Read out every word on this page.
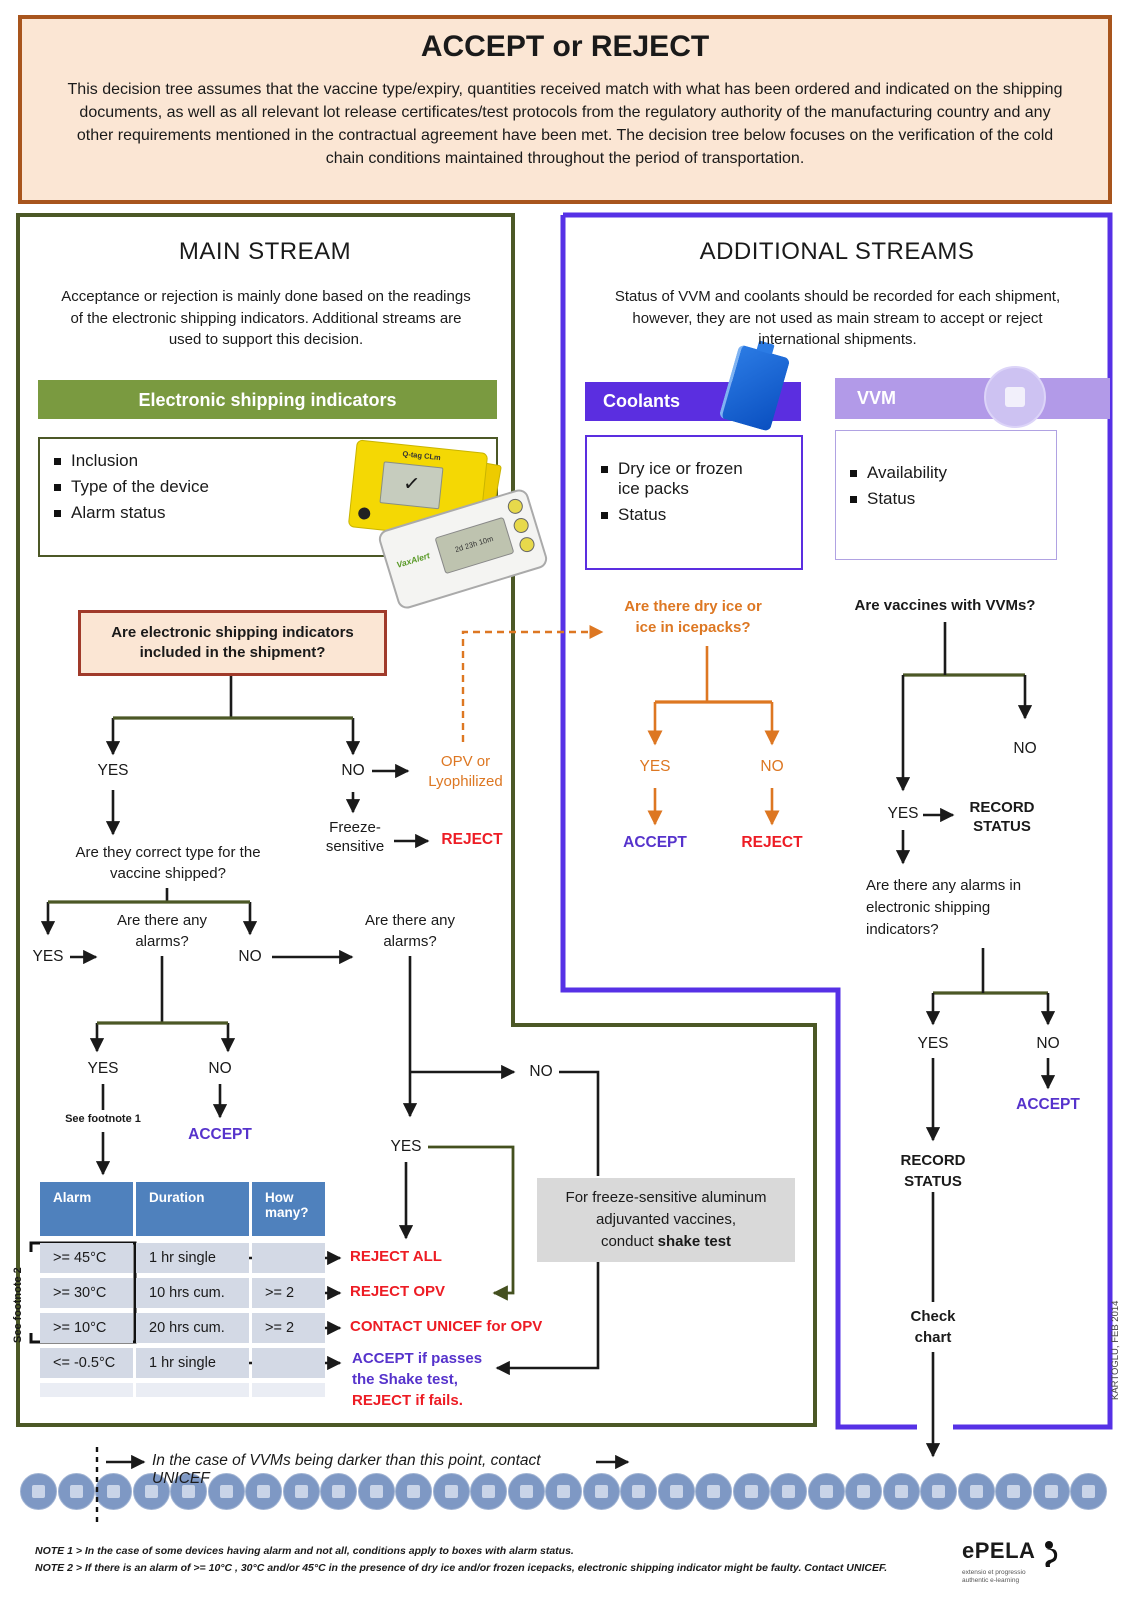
ACCEPT or REJECT
This decision tree assumes that the vaccine type/expiry, quantities received match with what has been ordered and indicated on the shipping documents, as well as all relevant lot release certificates/test protocols from the regulatory authority of the manufacturing country and any other requirements mentioned in the contractual agreement have been met. The decision tree below focuses on the verification of the cold chain conditions maintained throughout the period of transportation.
MAIN STREAM
Acceptance or rejection is mainly done based on the readings of the electronic shipping indicators. Additional streams are used to support this decision.
Electronic shipping indicators
Inclusion
Type of the device
Alarm status
Q-tag CLm
✓
VaxAlert
2d 23h 10m
Are electronic shipping indicators included in the shipment?
YES	NO
OPV or Lyophilized
Freeze-sensitive	REJECT
Are they correct type for the vaccine shipped?
YES	NO
Are there any alarms?
Are there any alarms?
YES	NO
See footnote 1
ACCEPT
NO
YES
For freeze-sensitive aluminum
adjuvanted vaccines,
conduct shake test
Alarm	Duration	How many?
>= 45°C	1 hr single
>= 30°C	10 hrs cum.	>= 2
>= 10°C	20 hrs cum.	>= 2
<= -0.5°C	1 hr single
See footnote 2
REJECT ALL
REJECT OPV
CONTACT UNICEF for OPV
ACCEPT if passes
the Shake test,
REJECT if fails.
ADDITIONAL STREAMS
Status of VVM and coolants should be recorded for each shipment, however, they are not used as main stream to accept or reject international shipments.
Coolants	VVM
Dry ice or frozen ice packs
Status
Availability
Status
Are there dry ice or ice in icepacks?
YES	NO
ACCEPT	REJECT
Are vaccines with VVMs?
NO
YES	RECORD STATUS
Are there any alarms in electronic shipping indicators?
YES	NO
ACCEPT
RECORD STATUS
Check chart	KARTOGLU, FEB 2014
In the case of VVMs being darker than this point, contact UNICEF
NOTE 1 > In the case of some devices having alarm and not all, conditions apply to boxes with alarm status.
NOTE 2 > If there is an alarm of >= 10°C , 30°C and/or 45°C in the presence of dry ice and/or frozen icepacks, electronic shipping indicator might be faulty. Contact UNICEF.
ePELA  extensio et progressio
authentic e-learning
